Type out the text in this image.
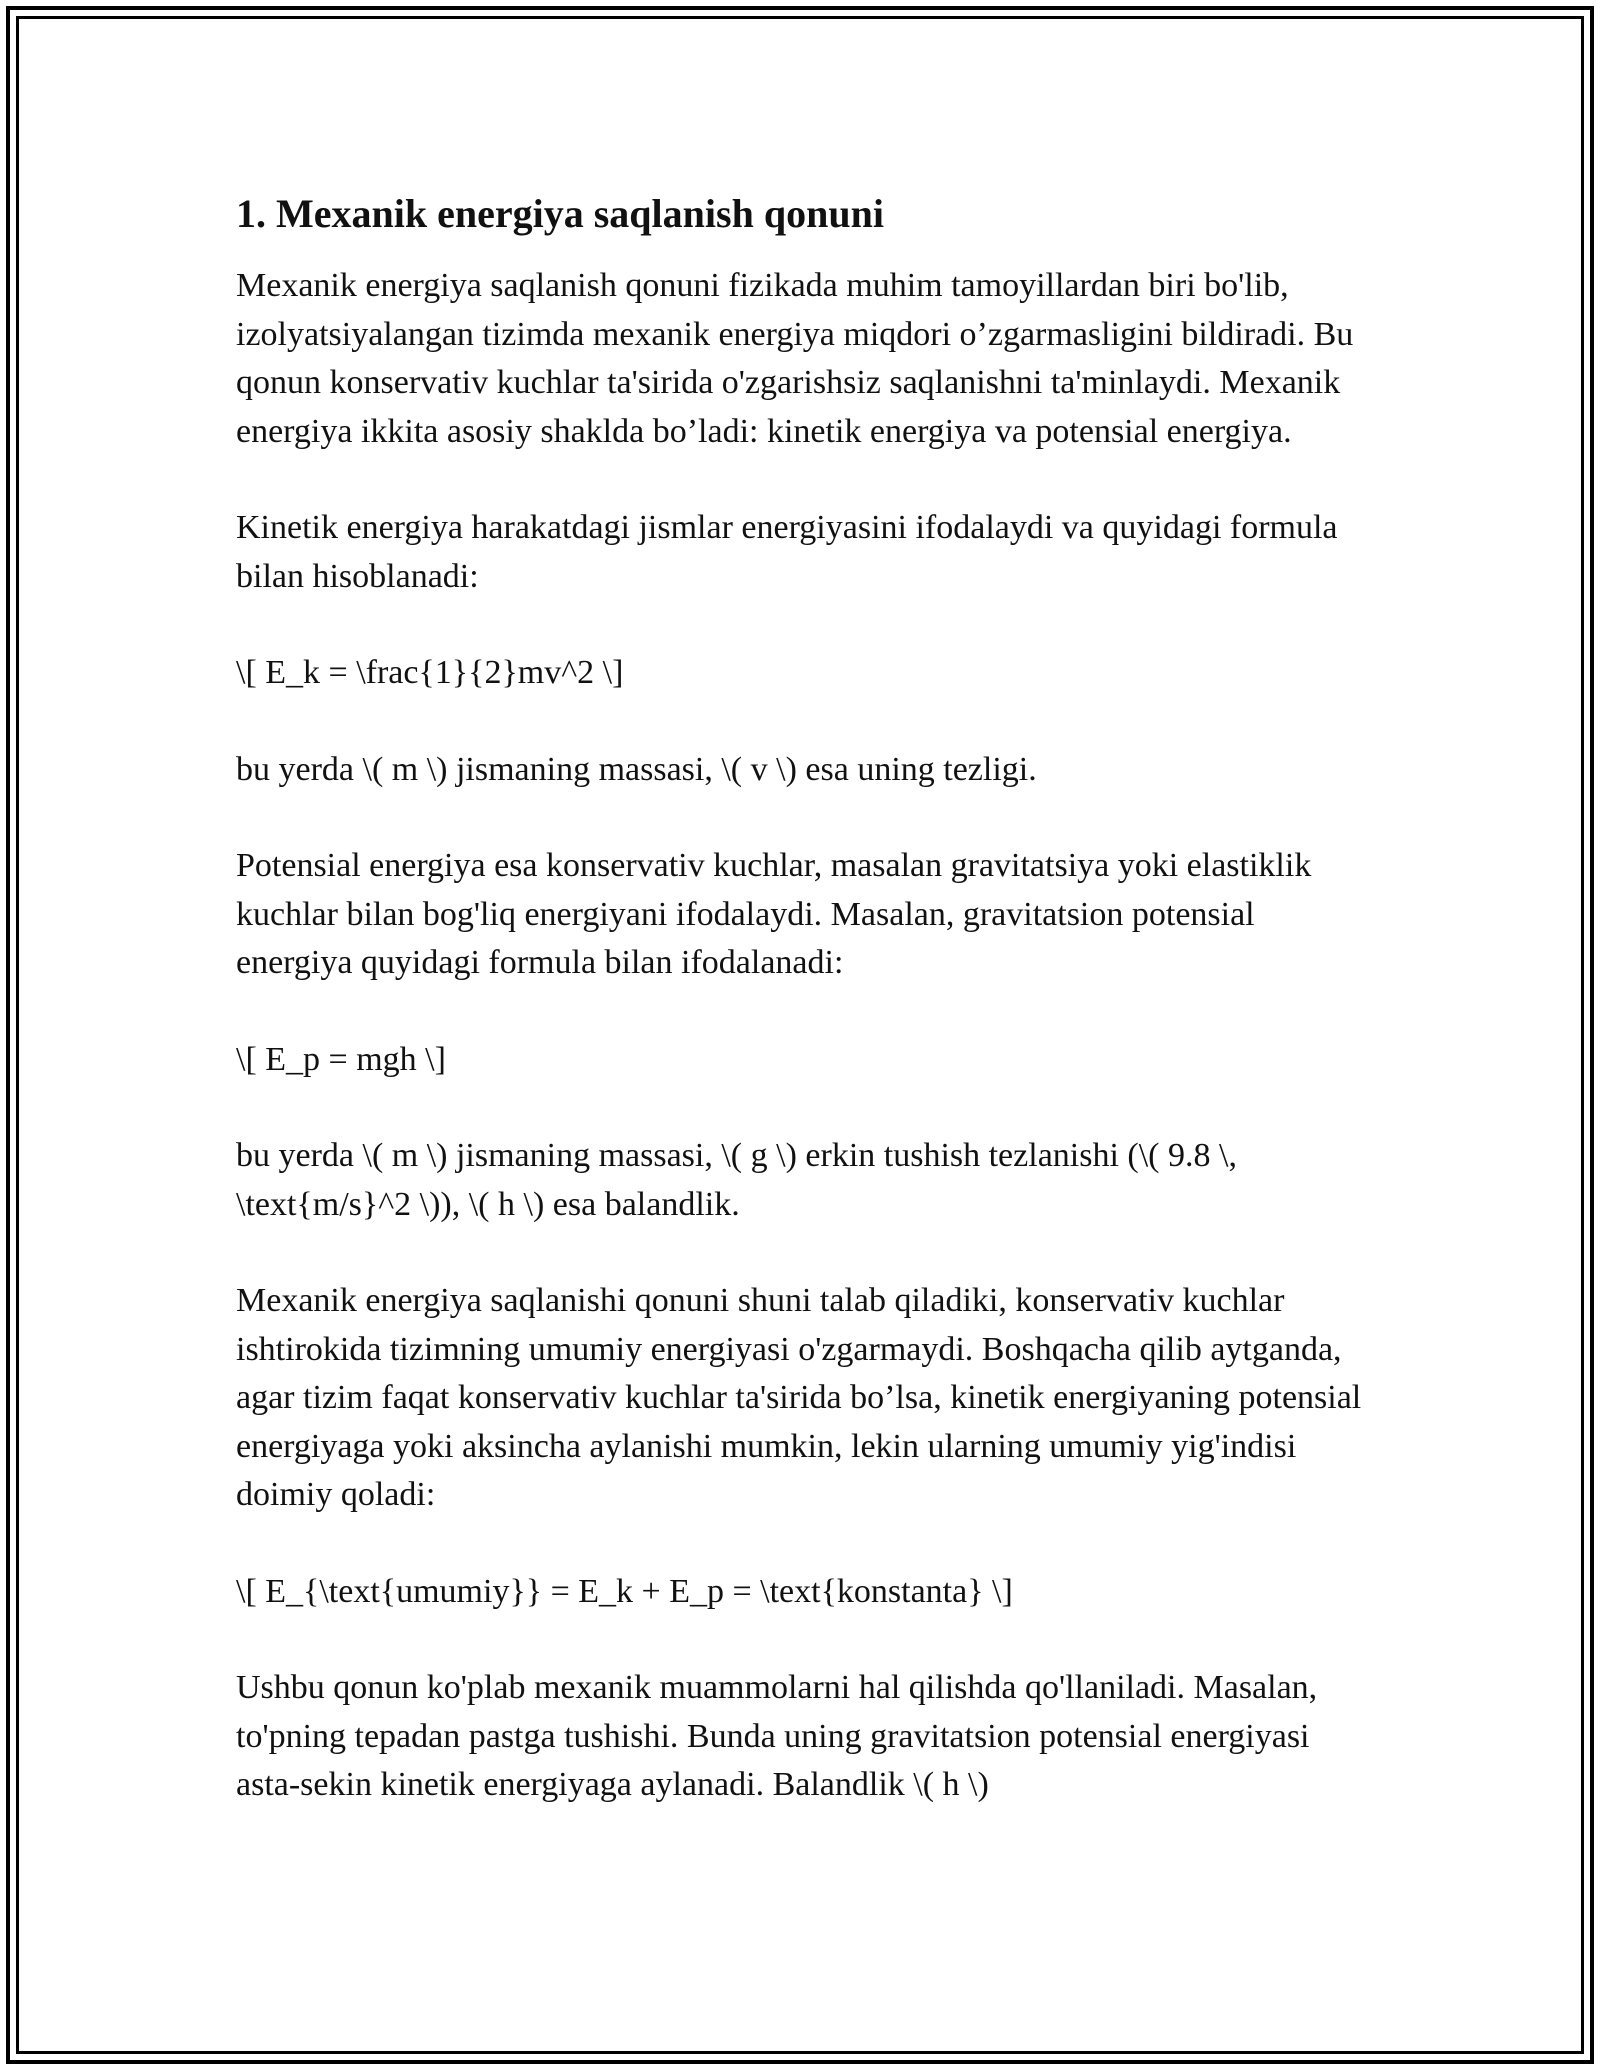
1. Mexanik energiya saqlanish qonuni

Mexanik energiya saqlanish qonuni fizikada muhim tamoyillardan biri bo'lib, izolyatsiyalangan tizimda mexanik energiya miqdori o’zgarmasligini bildiradi. Bu qonun konservativ kuchlar ta'sirida o'zgarishsiz saqlanishni ta'minlaydi. Mexanik energiya ikkita asosiy shaklda bo’ladi: kinetik energiya va potensial energiya.

Kinetik energiya harakatdagi jismlar energiyasini ifodalaydi va quyidagi formula bilan hisoblanadi:

\[ E_k = \frac{1}{2}mv^2 \]

bu yerda \( m \) jismaning massasi, \( v \) esa uning tezligi.

Potensial energiya esa konservativ kuchlar, masalan gravitatsiya yoki elastiklik kuchlar bilan bog'liq energiyani ifodalaydi. Masalan, gravitatsion potensial energiya quyidagi formula bilan ifodalanadi:

\[ E_p = mgh \]

bu yerda \( m \) jismaning massasi, \( g \) erkin tushish tezlanishi (\( 9.8 \, \text{m/s}^2 \)), \( h \) esa balandlik.

Mexanik energiya saqlanishi qonuni shuni talab qiladiki, konservativ kuchlar ishtirokida tizimning umumiy energiyasi o'zgarmaydi. Boshqacha qilib aytganda, agar tizim faqat konservativ kuchlar ta'sirida bo’lsa, kinetik energiyaning potensial energiyaga yoki aksincha aylanishi mumkin, lekin ularning umumiy yig'indisi doimiy qoladi:

\[ E_{\text{umumiy}} = E_k + E_p = \text{konstanta} \]

Ushbu qonun ko'plab mexanik muammolarni hal qilishda qo'llaniladi. Masalan, to'pning tepadan pastga tushishi. Bunda uning gravitatsion potensial energiyasi asta-sekin kinetik energiyaga aylanadi. Balandlik \( h \)
